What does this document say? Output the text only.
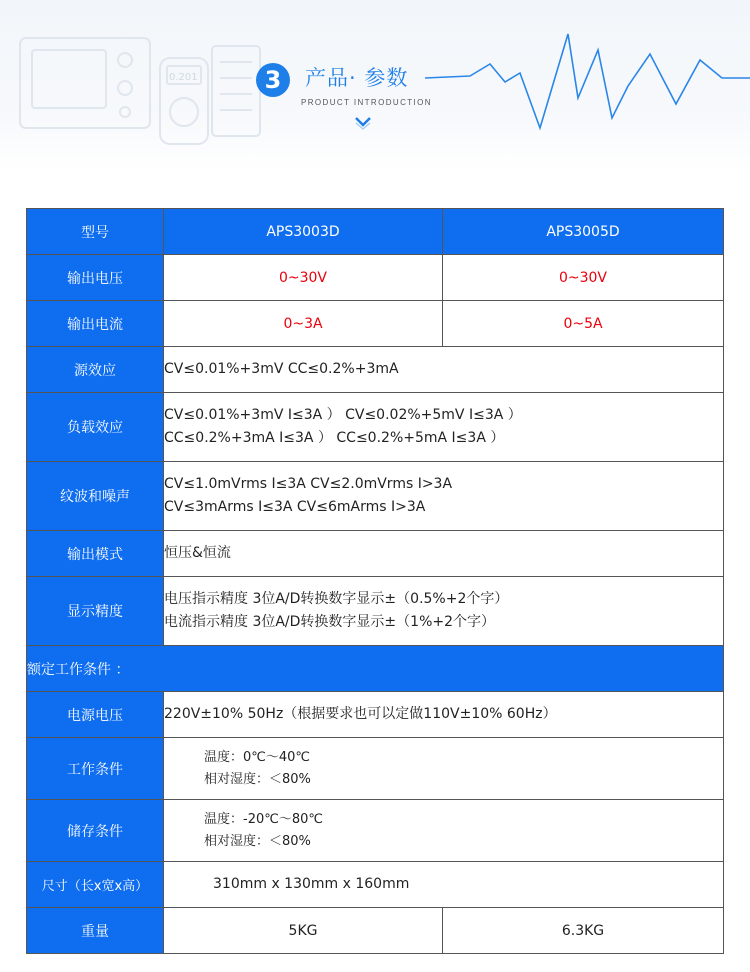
0.201	3	产品· 参数
PRODUCT INTRODUCTION
型号	APS3003D	APS3005D
输出电压	0~30V	0~30V
输出电流	0~3A	0~5A
源效应	CV≤0.01%+3mV CC≤0.2%+3mA	
负载效应	CV≤0.01%+3mV I≤3A ） CV≤0.02%+5mV I≤3A ）
CC≤0.2%+3mA I≤3A ） CC≤0.2%+5mA I≤3A ）	

纹波和噪声	CV≤1.0mVrms I≤3A CV≤2.0mVrms I>3A
CV≤3mArms I≤3A CV≤6mArms I>3A	

输出模式	恒压&恒流	
显示精度	电压指示精度 3位A/D转换数字显示±（0.5%+2个字）
电流指示精度 3位A/D转换数字显示±（1%+2个字）	

额定工作条件 ：		
电源电压	220V±10% 50Hz（根据要求也可以定做110V±10% 60Hz）	
工作条件	温度：0℃～40℃
相对湿度：＜80%	

储存条件	温度：-20℃～80℃
相对湿度：＜80%	

尺寸（长x宽x高）	310mm x 130mm x 160mm	
重量	5KG	6.3KG
